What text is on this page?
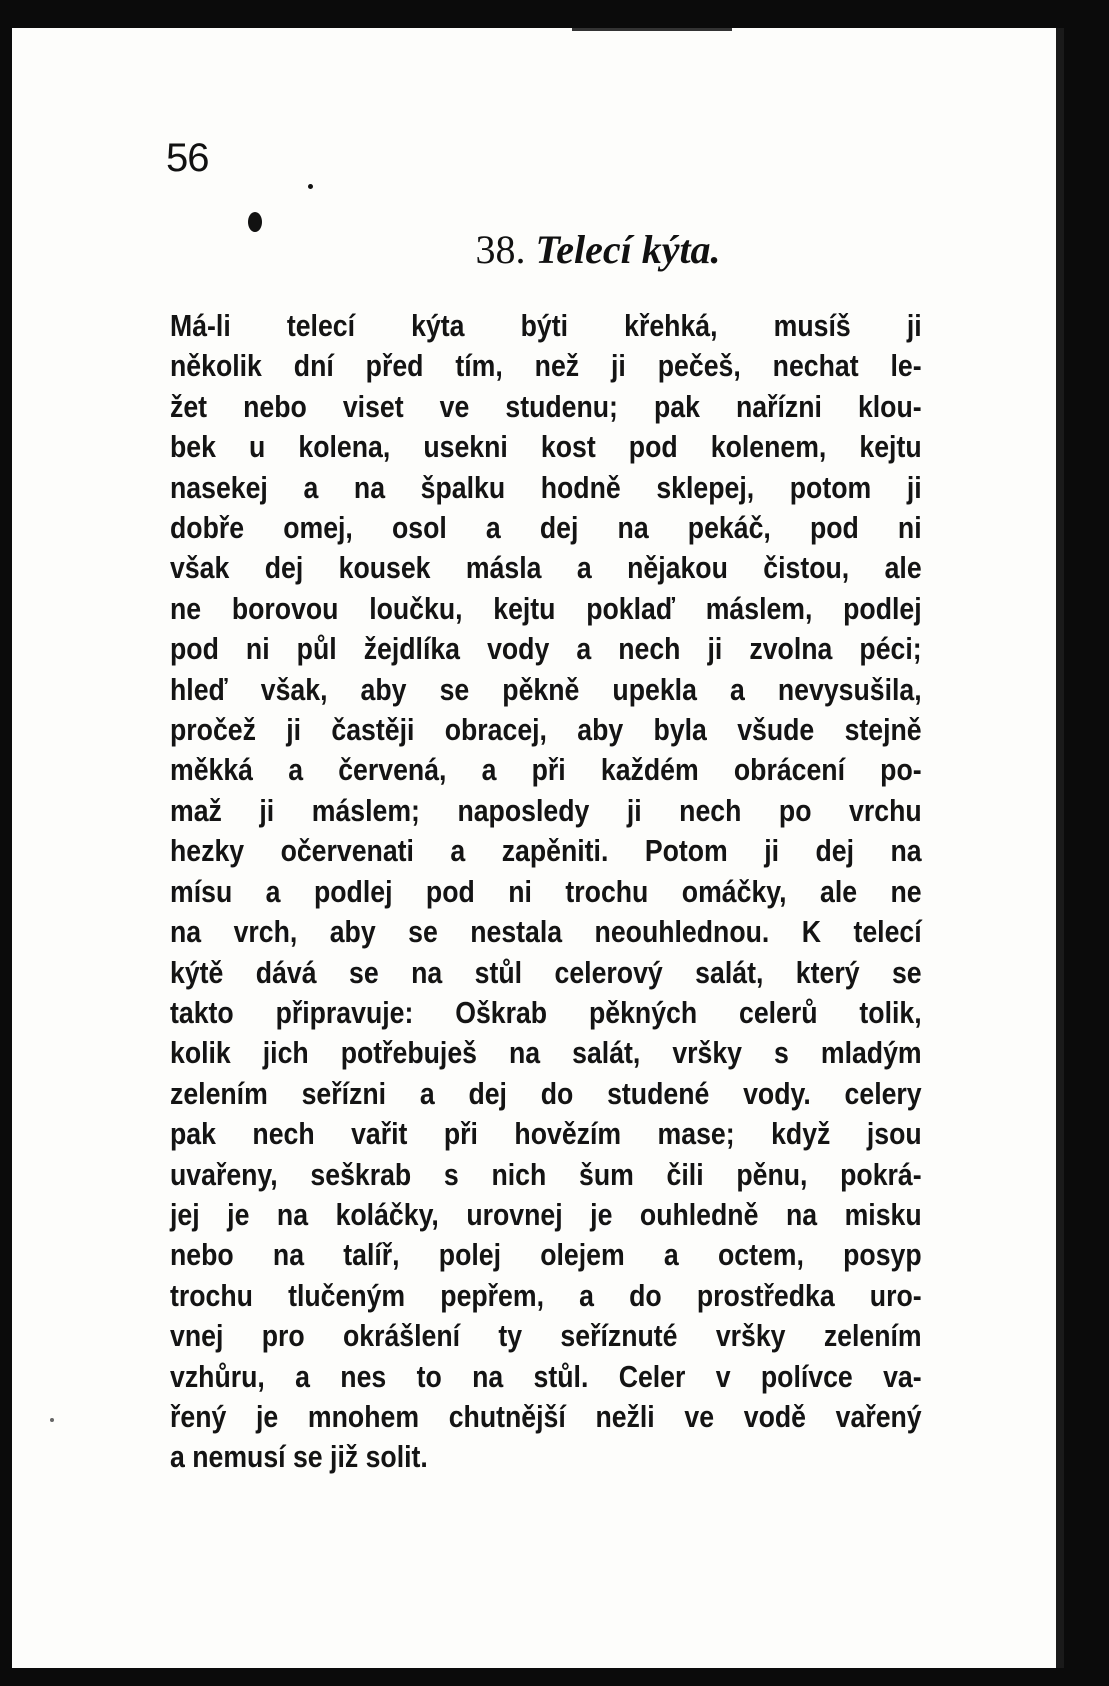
56
38. Telecí kýta.
Má-li telecí kýta býti křehká, musíš ji
několik dní před tím, než ji pečeš, nechat le-
žet nebo viset ve studenu; pak nařízni klou-
bek u kolena, usekni kost pod kolenem, kejtu
nasekej a na špalku hodně sklepej, potom ji
dobře omej, osol a dej na pekáč, pod ni
však dej kousek másla a nějakou čistou, ale
ne borovou loučku, kejtu poklaď máslem, podlej
pod ni půl žejdlíka vody a nech ji zvolna péci;
hleď však, aby se pěkně upekla a nevysušila,
pročež ji častěji obracej, aby byla všude stejně
měkká a červená, a při každém obrácení po-
maž ji máslem; naposledy ji nech po vrchu
hezky očervenati a zapěniti. Potom ji dej na
mísu a podlej pod ni trochu omáčky, ale ne
na vrch, aby se nestala neouhlednou. K telecí
kýtě dává se na stůl celerový salát, který se
takto připravuje: Oškrab pěkných celerů tolik,
kolik jich potřebuješ na salát, vršky s mladým
zelením seřízni a dej do studené vody. celery
pak nech vařit při hovězím mase; když jsou
uvařeny, seškrab s nich šum čili pěnu, pokrá-
jej je na koláčky, urovnej je ouhledně na misku
nebo na talíř, polej olejem a octem, posyp
trochu tlučeným pepřem, a do prostředka uro-
vnej pro okrášlení ty seříznuté vršky zelením
vzhůru, a nes to na stůl. Celer v polívce va-
řený je mnohem chutnější nežli ve vodě vařený
a nemusí se již solit.
